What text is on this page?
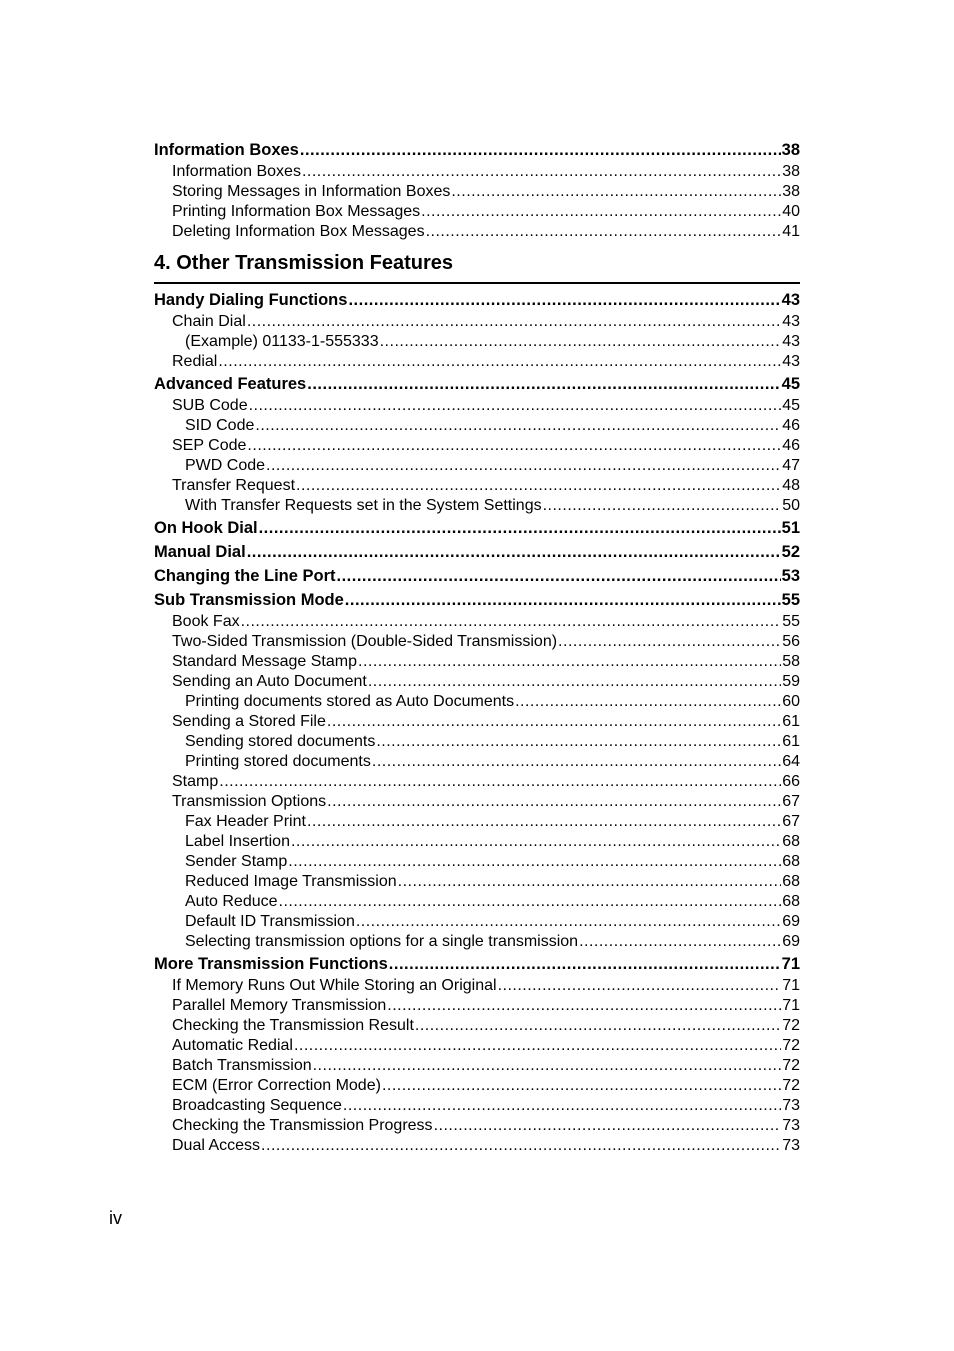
Information Boxes .....	38
Information Boxes .....	38
Storing Messages in Information Boxes .....	38
Printing Information Box Messages .....	40
Deleting Information Box Messages .....	41
4. Other Transmission Features
Handy Dialing Functions .....	43
Chain Dial .....	43
(Example) 01133-1-555333 .....	43
Redial .....	43
Advanced Features .....	45
SUB Code .....	45
SID Code .....	46
SEP Code .....	46
PWD Code .....	47
Transfer Request .....	48
With Transfer Requests set in the System Settings .....	50
On Hook Dial .....	51
Manual Dial .....	52
Changing the Line Port .....	53
Sub Transmission Mode .....	55
Book Fax .....	55
Two-Sided Transmission (Double-Sided Transmission) .....	56
Standard Message Stamp .....	58
Sending an Auto Document .....	59
Printing documents stored as Auto Documents .....	60
Sending a Stored File .....	61
Sending stored documents .....	61
Printing stored documents .....	64
Stamp .....	66
Transmission Options .....	67
Fax Header Print .....	67
Label Insertion .....	68
Sender Stamp .....	68
Reduced Image Transmission .....	68
Auto Reduce .....	68
Default ID Transmission .....	69
Selecting transmission options for a single transmission .....	69
More Transmission Functions .....	71
If Memory Runs Out While Storing an Original .....	71
Parallel Memory Transmission .....	71
Checking the Transmission Result .....	72
Automatic Redial .....	72
Batch Transmission .....	72
ECM (Error Correction Mode) .....	72
Broadcasting Sequence .....	73
Checking the Transmission Progress .....	73
Dual Access .....	73
iv
